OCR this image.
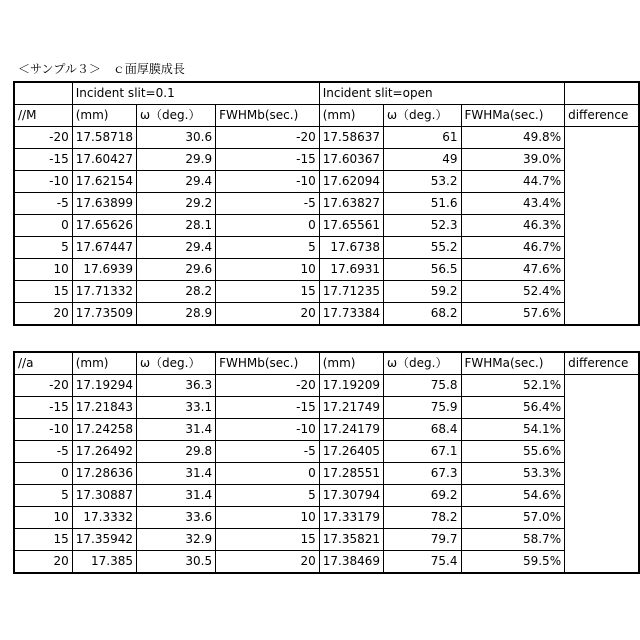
＜サンプル３＞　ｃ面厚膜成長
	Incident slit=0.1	Incident slit=open	
//M	(mm)	ω（deg.）	FWHMb(sec.)	(mm)	ω（deg.）	FWHMa(sec.)	difference
-20	17.58718	30.6	-20	17.58637	61	49.8%
-15	17.60427	29.9	-15	17.60367	49	39.0%
-10	17.62154	29.4	-10	17.62094	53.2	44.7%
-5	17.63899	29.2	-5	17.63827	51.6	43.4%
0	17.65626	28.1	0	17.65561	52.3	46.3%
5	17.67447	29.4	5	17.6738	55.2	46.7%
10	17.6939	29.6	10	17.6931	56.5	47.6%
15	17.71332	28.2	15	17.71235	59.2	52.4%
20	17.73509	28.9	20	17.73384	68.2	57.6%
//a	(mm)	ω（deg.）	FWHMb(sec.)	(mm)	ω（deg.）	FWHMa(sec.)	difference
-20	17.19294	36.3	-20	17.19209	75.8	52.1%
-15	17.21843	33.1	-15	17.21749	75.9	56.4%
-10	17.24258	31.4	-10	17.24179	68.4	54.1%
-5	17.26492	29.8	-5	17.26405	67.1	55.6%
0	17.28636	31.4	0	17.28551	67.3	53.3%
5	17.30887	31.4	5	17.30794	69.2	54.6%
10	17.3332	33.6	10	17.33179	78.2	57.0%
15	17.35942	32.9	15	17.35821	79.7	58.7%
20	17.385	30.5	20	17.38469	75.4	59.5%
